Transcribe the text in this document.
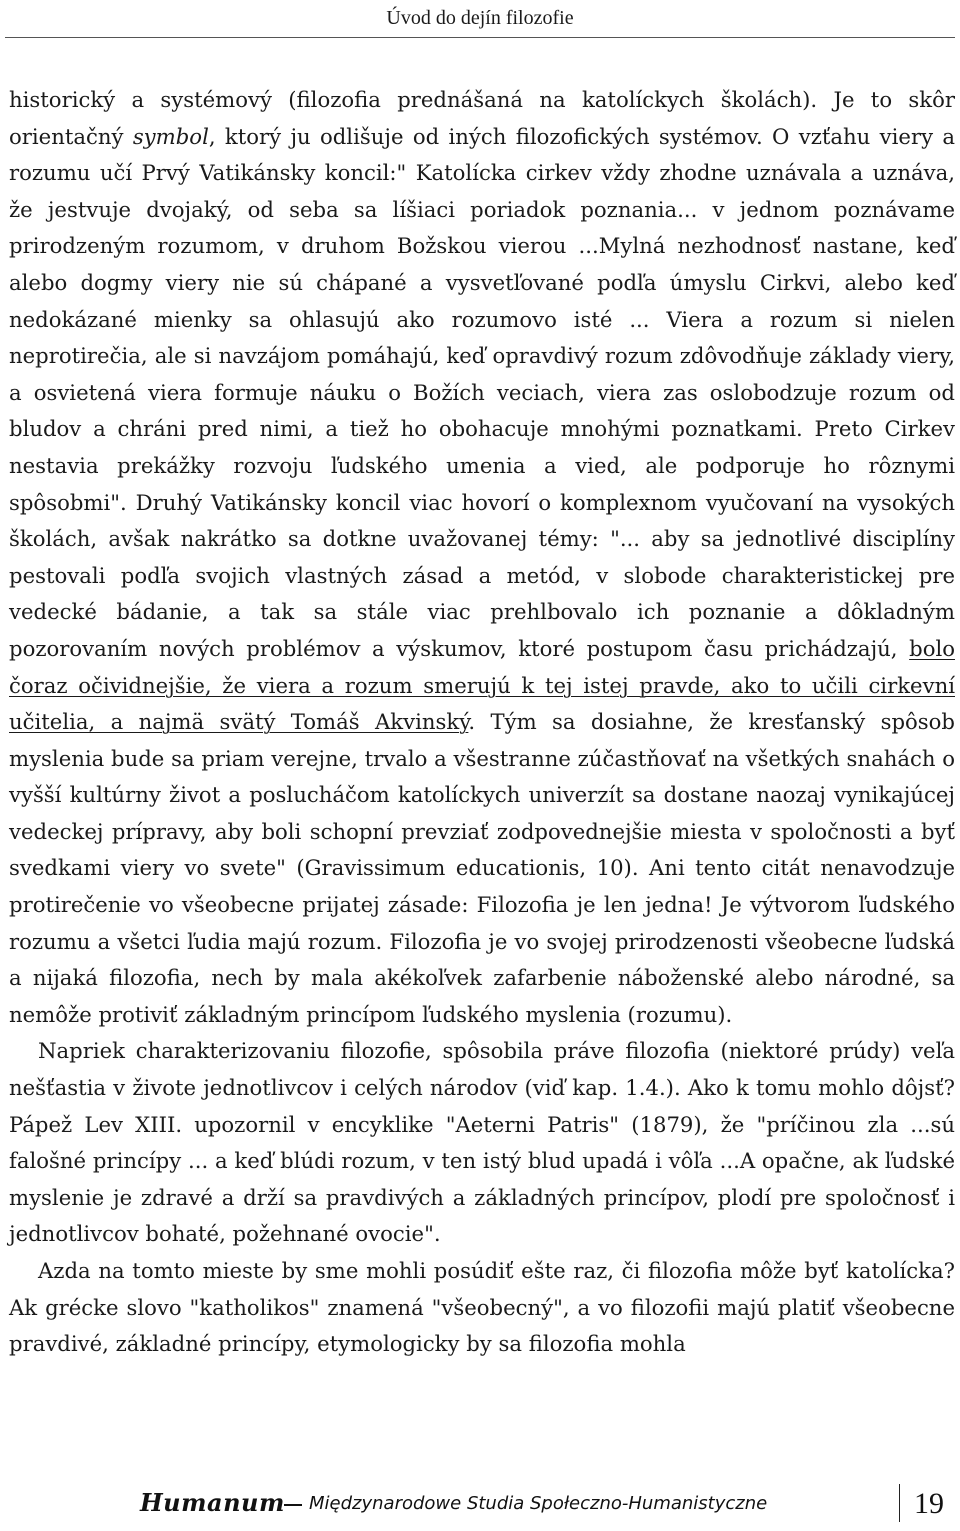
Úvod do dejín filozofie

historický a systémový (filozofia prednášaná na katolíckych školách). Je to skôr orientačný symbol, ktorý ju odlišuje od iných filozofických systémov. O vzťahu viery a rozumu učí Prvý Vatikánsky koncil:" Katolícka cirkev vždy zhodne uznávala a uznáva, že jestvuje dvojaký, od seba sa líšiaci poriadok poznania... v jednom poznávame prirodzeným rozumom, v druhom Božskou vierou ...Mylná nezhodnosť nastane, keď alebo dogmy viery nie sú chápané a vysvetľované podľa úmyslu Cirkvi, alebo keď nedokázané mienky sa ohlasujú ako rozumovo isté ... Viera a rozum si nielen neprotirečia, ale si navzájom pomáhajú, keď opravdivý rozum zdôvodňuje základy viery, a osvietená viera formuje náuku o Božích veciach, viera zas oslobodzuje rozum od bludov a chráni pred nimi, a tiež ho obohacuje mnohými poznatkami. Preto Cirkev nestavia prekážky rozvoju ľudského umenia a vied, ale podporuje ho rôznymi spôsobmi". Druhý Vatikánsky koncil viac hovorí o komplexnom vyučovaní na vysokých školách, avšak nakrátko sa dotkne uvažovanej témy: "... aby sa jednotlivé disciplíny pestovali podľa svojich vlastných zásad a metód, v slobode charakteristickej pre vedecké bádanie, a tak sa stále viac prehlbovalo ich poznanie a dôkladným pozorovaním nových problémov a výskumov, ktoré postupom času prichádzajú, bolo čoraz očividnejšie, že viera a rozum smerujú k tej istej pravde, ako to učili cirkevní učitelia, a najmä svätý Tomáš Akvinský. Tým sa dosiahne, že kresťanský spôsob myslenia bude sa priam verejne, trvalo a všestranne zúčastňovať na všetkých snahách o vyšší kultúrny život a poslucháčom katolíckych univerzít sa dostane naozaj vynikajúcej vedeckej prípravy, aby boli schopní prevziať zodpovednejšie miesta v spoločnosti a byť svedkami viery vo svete" (Gravissimum educationis, 10). Ani tento citát nenavodzuje protirečenie vo všeobecne prijatej zásade: Filozofia je len jedna! Je výtvorom ľudského rozumu a všetci ľudia majú rozum. Filozofia je vo svojej prirodzenosti všeobecne ľudská a nijaká filozofia, nech by mala akékoľvek zafarbenie náboženské alebo národné, sa nemôže protiviť základným princípom ľudského myslenia (rozumu).

Napriek charakterizovaniu filozofie, spôsobila práve filozofia (niektoré prúdy) veľa nešťastia v živote jednotlivcov i celých národov (viď kap. 1.4.). Ako k tomu mohlo dôjsť? Pápež Lev XIII. upozornil v encyklike "Aeterni Patris" (1879), že "príčinou zla ...sú falošné princípy ... a keď blúdi rozum, v ten istý blud upadá i vôľa ...A opačne, ak ľudské myslenie je zdravé a drží sa pravdivých a základných princípov, plodí pre spoločnosť i jednotlivcov bohaté, požehnané ovocie".

Azda na tomto mieste by sme mohli posúdiť ešte raz, či filozofia môže byť katolícka? Ak grécke slovo "katholikos" znamená "všeobecný", a vo filozofii majú platiť všeobecne pravdivé, základné princípy, etymologicky by sa filozofia mohla

Humanum Międzynarodowe Studia Społeczno-Humanistyczne	19
